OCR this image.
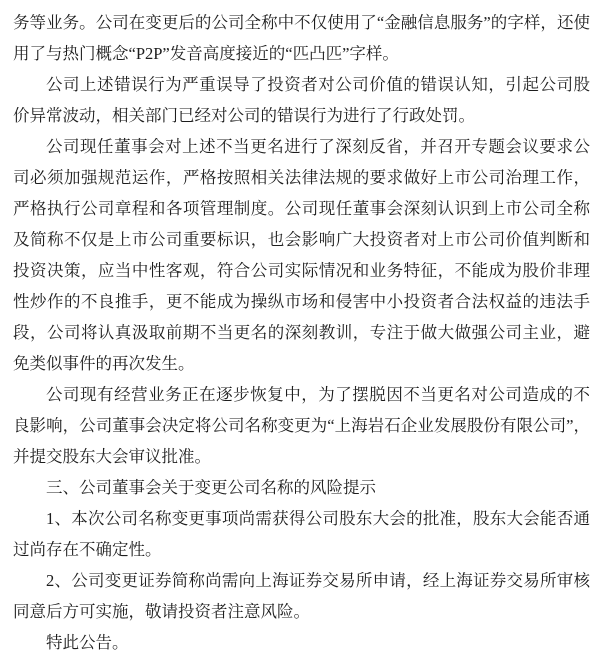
务等业务。公司在变更后的公司全称中不仅使用了“金融信息服务”的字样，还使用了与热门概念“P2P”发音高度接近的“匹凸匹”字样。

公司上述错误行为严重误导了投资者对公司价值的错误认知，引起公司股价异常波动，相关部门已经对公司的错误行为进行了行政处罚。

公司现任董事会对上述不当更名进行了深刻反省，并召开专题会议要求公司必须加强规范运作，严格按照相关法律法规的要求做好上市公司治理工作，严格执行公司章程和各项管理制度。公司现任董事会深刻认识到上市公司全称及简称不仅是上市公司重要标识，也会影响广大投资者对上市公司价值判断和投资决策，应当中性客观，符合公司实际情况和业务特征，不能成为股价非理性炒作的不良推手，更不能成为操纵市场和侵害中小投资者合法权益的违法手段，公司将认真汲取前期不当更名的深刻教训，专注于做大做强公司主业，避免类似事件的再次发生。

公司现有经营业务正在逐步恢复中，为了摆脱因不当更名对公司造成的不良影响，公司董事会决定将公司名称变更为“上海岩石企业发展股份有限公司”，并提交股东大会审议批准。

三、公司董事会关于变更公司名称的风险提示

1、本次公司名称变更事项尚需获得公司股东大会的批准，股东大会能否通过尚存在不确定性。

2、公司变更证券简称尚需向上海证券交易所申请，经上海证券交易所审核同意后方可实施，敬请投资者注意风险。

特此公告。
